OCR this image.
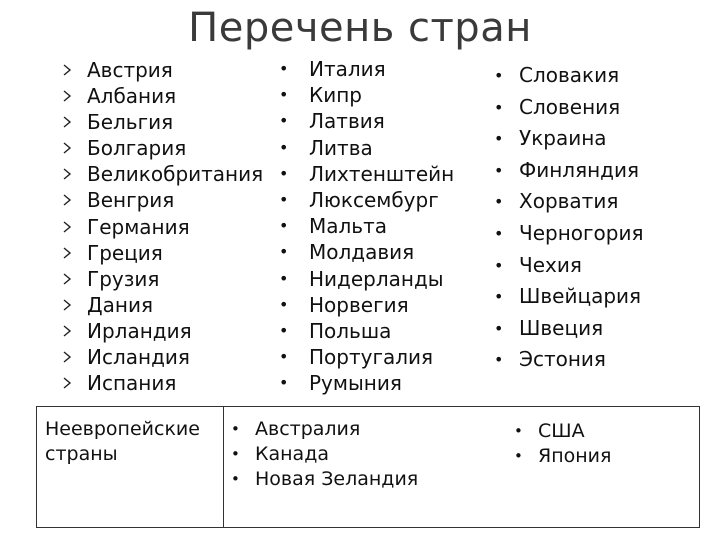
Перечень стран
Австрия
Албания
Бельгия
Болгария
Великобритания
Венгрия
Германия
Греция
Грузия
Дания
Ирландия
Исландия
Испания
• Италия
• Кипр
• Латвия
• Литва
• Лихтенштейн
• Люксембург
• Мальта
• Молдавия
• Нидерланды
• Норвегия
• Польша
• Португалия
• Румыния
• Словакия
• Словения
• Украина
• Финляндия
• Хорватия
• Черногория
• Чехия
• Швейцария
• Швеция
• Эстония
Неевропейские страны
• Австралия
• Канада
• Новая Зеландия
• США
• Япония
